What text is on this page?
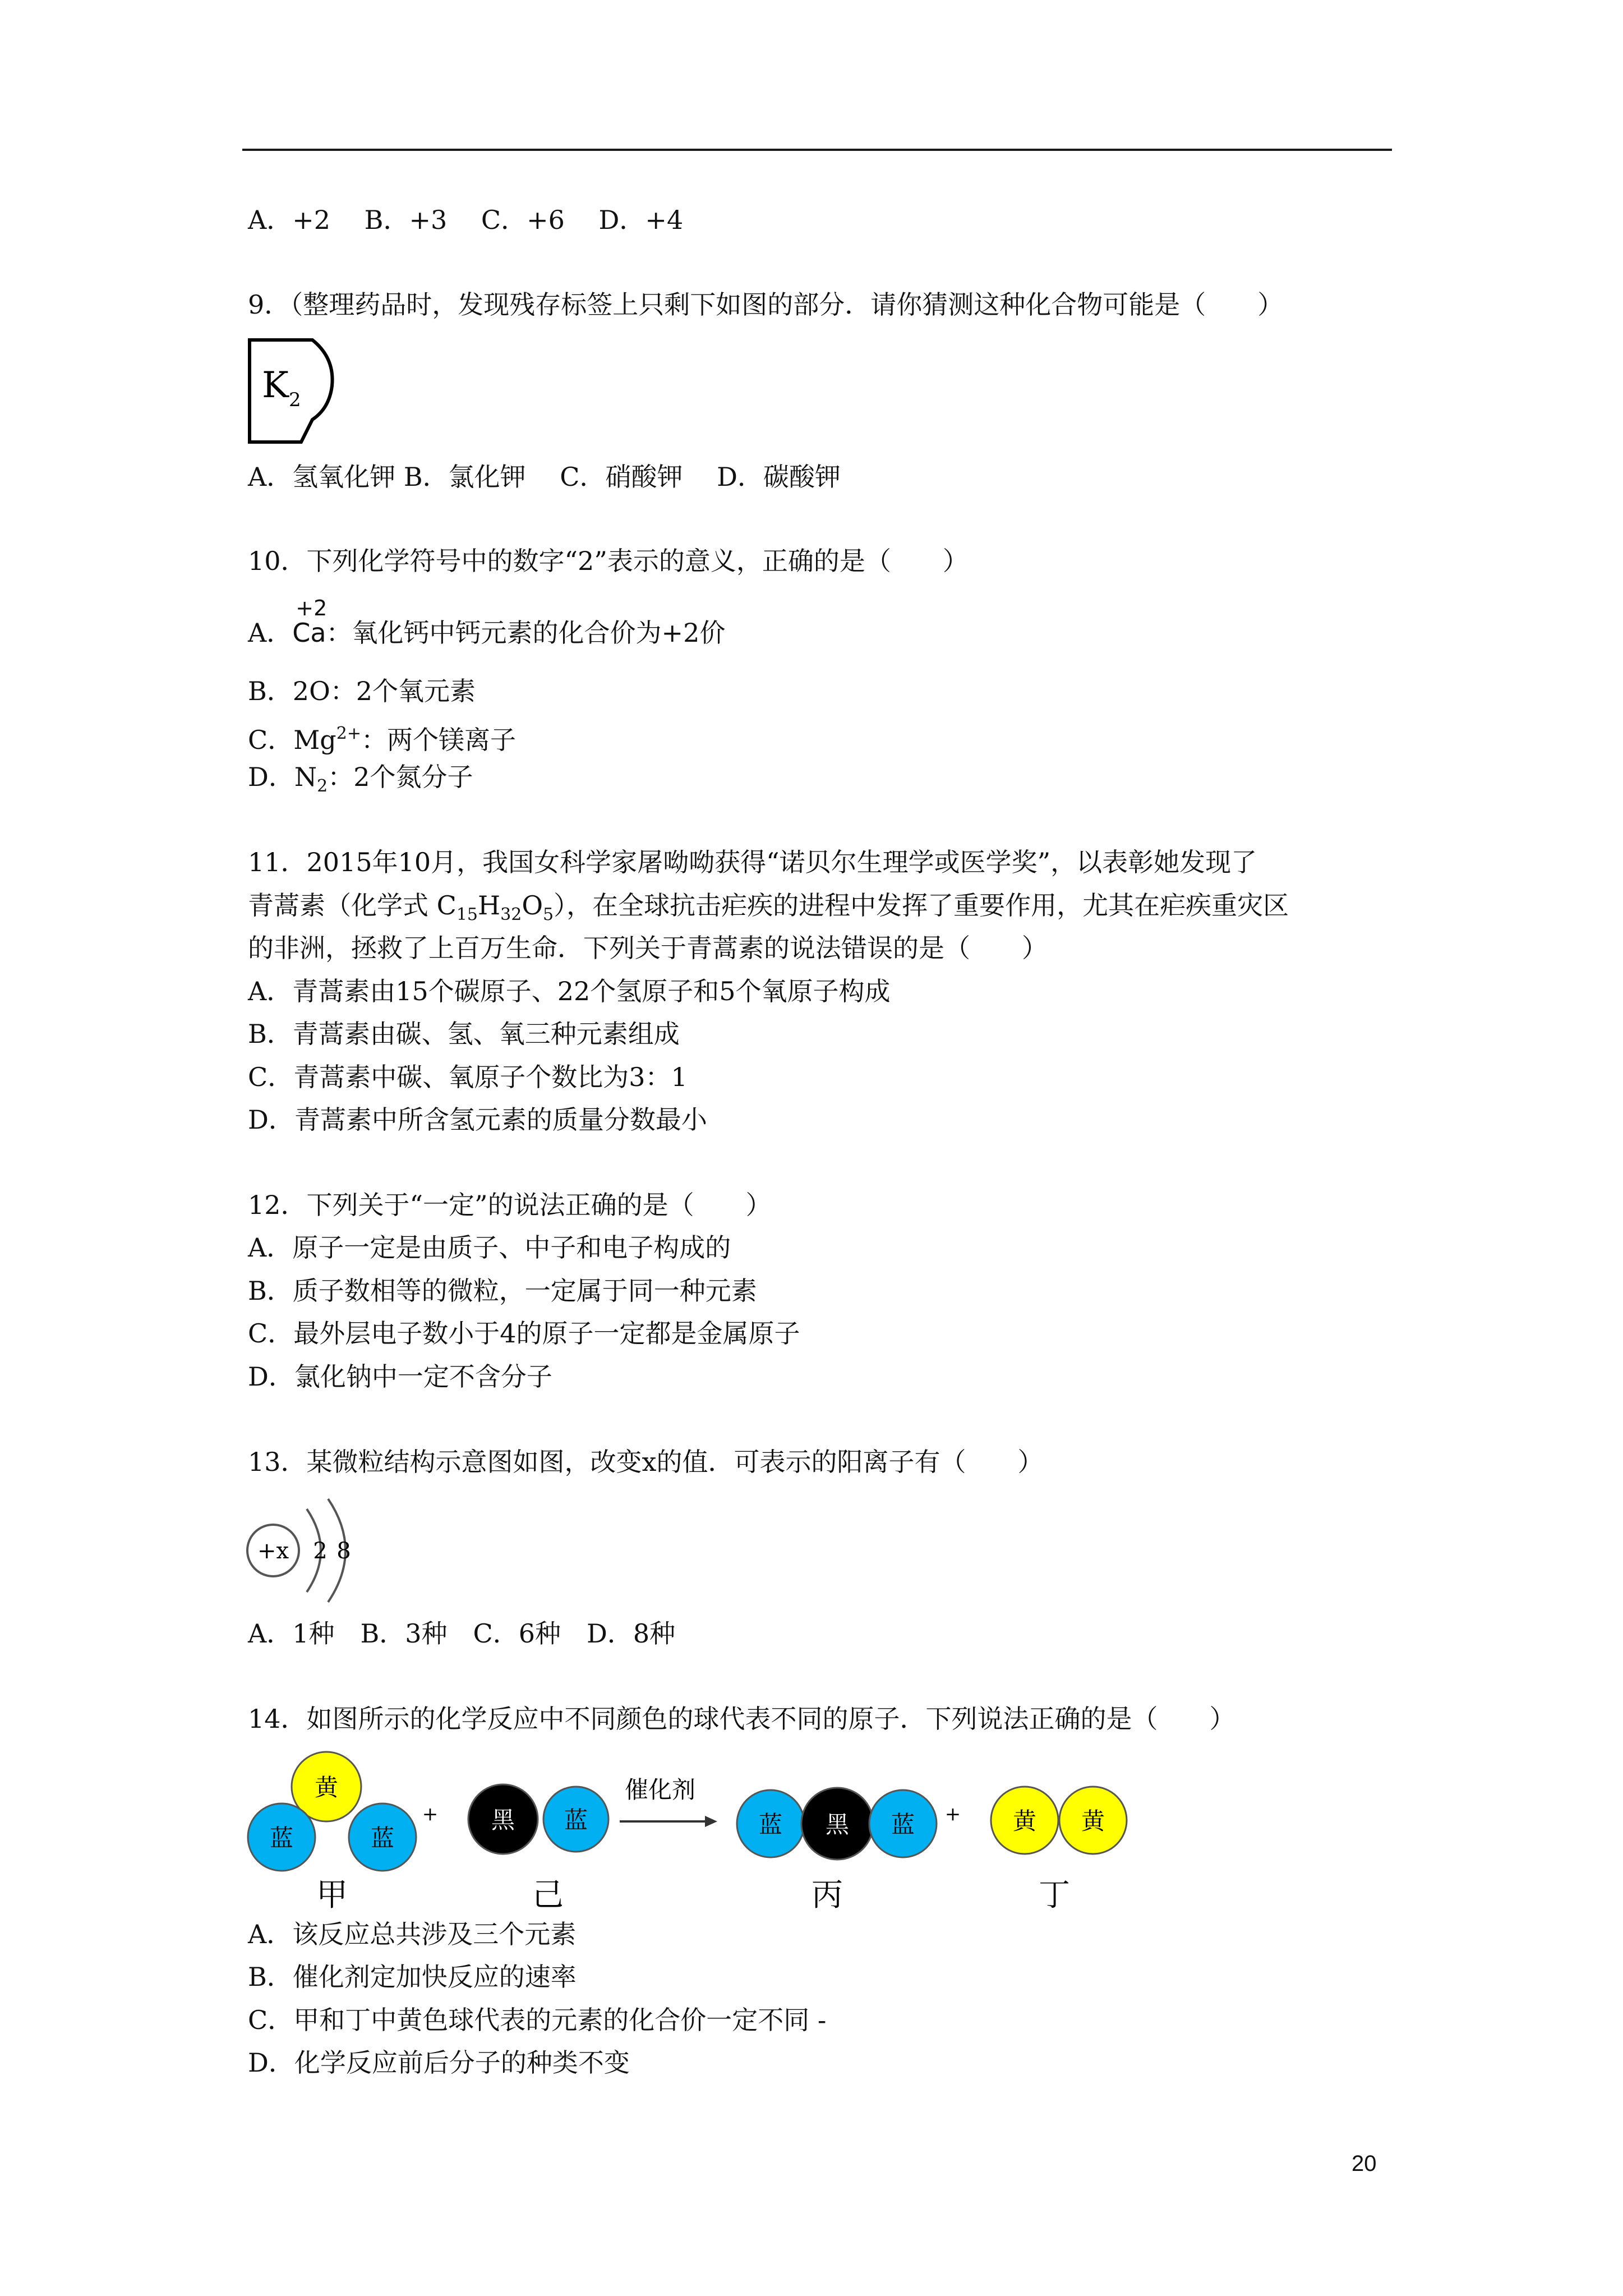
A．+2　 B．+3　 C．+6　 D．+4
9．（整理药品时，发现残存标签上只剩下如图的部分．请你猜测这种化合物可能是（　　）
K 2
A．氢氧化钾 B．氯化钾　 C．硝酸钾　 D．碳酸钾
10．下列化学符号中的数字“2”表示的意义，正确的是（　　）
A．
+2
Ca：氧化钙中钙元素的化合价为+2价
B．2O：2个氧元素
C．$Mg^{2+}$：两个镁离子
D．$N_2$：2个氮分子
11．2015年10月，我国女科学家屠呦呦获得“诺贝尔生理学或医学奖”，以表彰她发现了
青蒿素（化学式 $C_{15}H_{32}O_5$），在全球抗击疟疾的进程中发挥了重要作用，尤其在疟疾重灾区
的非洲，拯救了上百万生命．下列关于青蒿素的说法错误的是（　　）
A．青蒿素由15个碳原子、22个氢原子和5个氧原子构成
B．青蒿素由碳、氢、氧三种元素组成
C．青蒿素中碳、氧原子个数比为3：1
D．青蒿素中所含氢元素的质量分数最小
12．下列关于“一定”的说法正确的是（　　）
A．原子一定是由质子、中子和电子构成的
B．质子数相等的微粒，一定属于同一种元素
C．最外层电子数小于4的原子一定都是金属原子
D．氯化钠中一定不含分子
13．某微粒结构示意图如图，改变x的值．可表示的阳离子有（　　）
+x 2 8
A．1种　B．3种　C．6种　D．8种
14．如图所示的化学反应中不同颜色的球代表不同的原子．下列说法正确的是（　　）
黄
蓝	蓝
+ 黑 蓝
催化剂
蓝 黑 蓝 + 黄 黄
甲	己	丙	丁
A．该反应总共涉及三个元素
B．催化剂定加快反应的速率
C．甲和丁中黄色球代表的元素的化合价一定不同 -
D．化学反应前后分子的种类不变
20
